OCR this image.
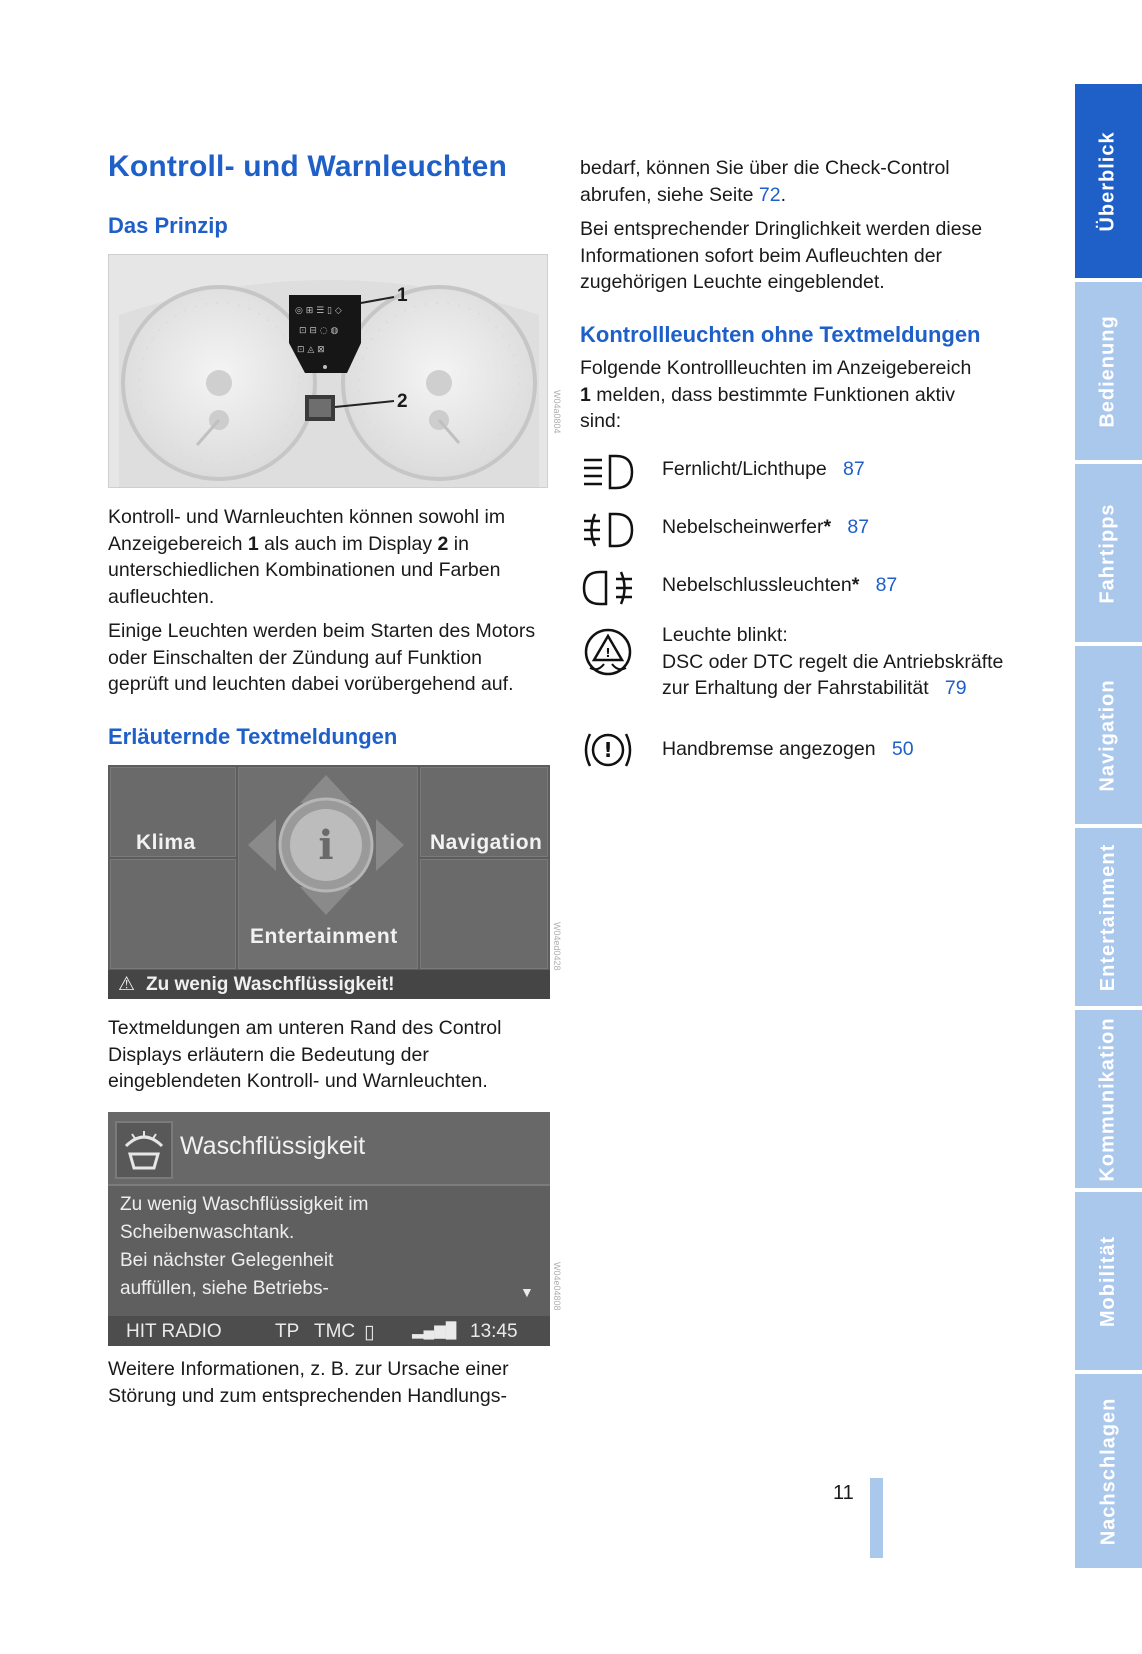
Kontroll- und Warnleuchten
Das Prinzip
◎ ⊞ ☰ ▯ ◇
⊡ ⊟ ◌ ◍
⊡ ◬ ⊠
1
2	W04a0804

Kontroll- und Warnleuchten können sowohl im Anzeigebereich 1 als auch im Display 2 in unterschiedlichen Kombinationen und Farben aufleuchten.

Einige Leuchten werden beim Starten des Motors oder Einschalten der Zündung auf Funktion geprüft und leuchten dabei vorübergehend auf.

Erläuternde Textmeldungen
i
Klima	Navigation
Entertainment
⚠ Zu wenig Waschflüssigkeit!
W04ed0428

Textmeldungen am unteren Rand des Control Displays erläutern die Bedeutung der eingeblendeten Kontroll- und Warnleuchten.

Waschflüssigkeit
Zu wenig Waschflüssigkeit im
Scheibenwaschtank.
Bei nächster Gelegenheit
auffüllen, siehe Betriebs-	▼
HIT RADIO	TP TMC ▯	▂▄▆█ 13:45
W04e04808

Weitere Informationen, z. B. zur Ursache einer Störung und zum entsprechenden Handlungs-

bedarf, können Sie über die Check-Control abrufen, siehe Seite 72.

Bei entsprechender Dringlichkeit werden diese Informationen sofort beim Aufleuchten der zugehörigen Leuchte eingeblendet.

Kontrollleuchten ohne Textmeldungen

Folgende Kontrollleuchten im Anzeigebereich 1 melden, dass bestimmte Funktionen aktiv sind:

Fernlicht/Lichthupe 87
Nebelscheinwerfer* 87
Nebelschlussleuchten* 87
!
Leuchte blinkt:
DSC oder DTC regelt die Antriebskräfte zur Erhaltung der Fahrstabilität 79
!	Handbremse angezogen 50
Überblick
Bedienung
Fahrtipps
Navigation
Entertainment
Kommunikation
Mobilität
Nachschlagen
11
